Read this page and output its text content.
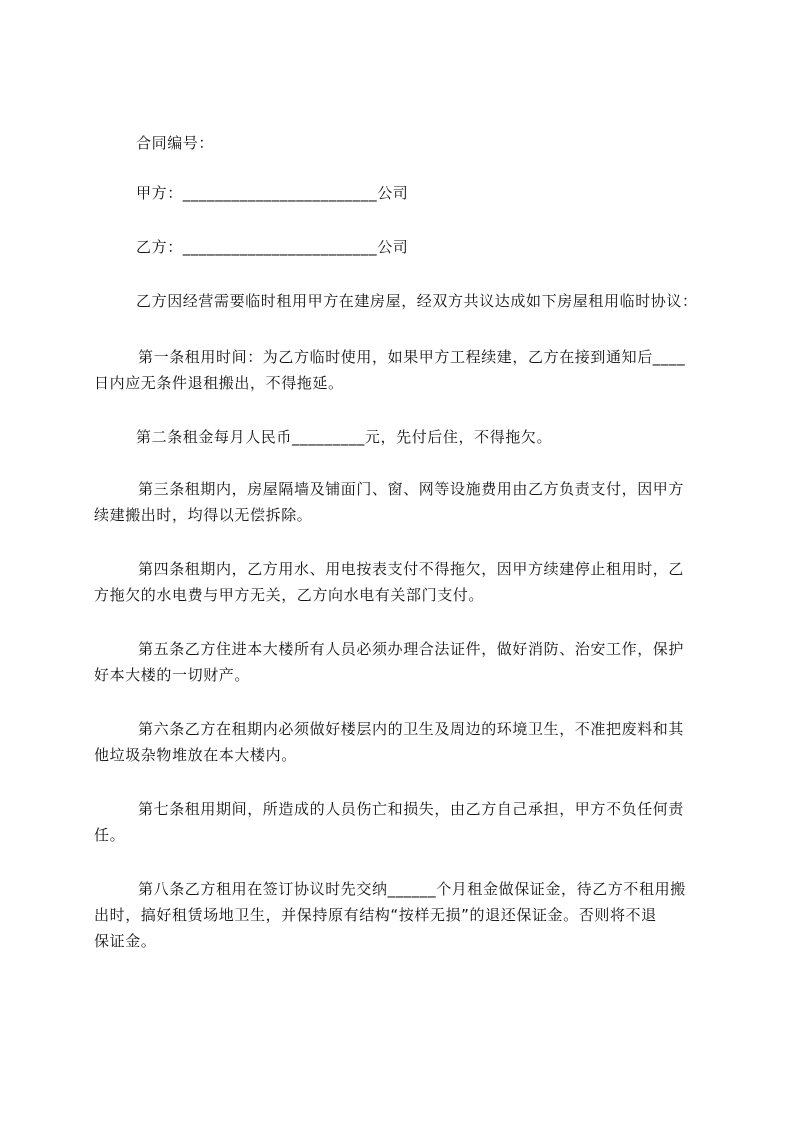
合同编号：

甲方：________________________公司

乙方：________________________公司

乙方因经营需要临时租用甲方在建房屋，经双方共议达成如下房屋租用临时协议：

第一条租用时间：为乙方临时使用，如果甲方工程续建，乙方在接到通知后____

日内应无条件退租搬出，不得拖延。

第二条租金每月人民币_________元，先付后住，不得拖欠。

第三条租期内，房屋隔墙及铺面门、窗、网等设施费用由乙方负责支付，因甲方

续建搬出时，均得以无偿拆除。

第四条租期内，乙方用水、用电按表支付不得拖欠，因甲方续建停止租用时，乙

方拖欠的水电费与甲方无关，乙方向水电有关部门支付。

第五条乙方住进本大楼所有人员必须办理合法证件，做好消防、治安工作，保护

好本大楼的一切财产。

第六条乙方在租期内必须做好楼层内的卫生及周边的环境卫生，不准把废料和其

他垃圾杂物堆放在本大楼内。

第七条租用期间，所造成的人员伤亡和损失，由乙方自己承担，甲方不负任何责

任。

第八条乙方租用在签订协议时先交纳______个月租金做保证金，待乙方不租用搬

出时，搞好租赁场地卫生，并保持原有结构“按样无损”的退还保证金。否则将不退

保证金。
